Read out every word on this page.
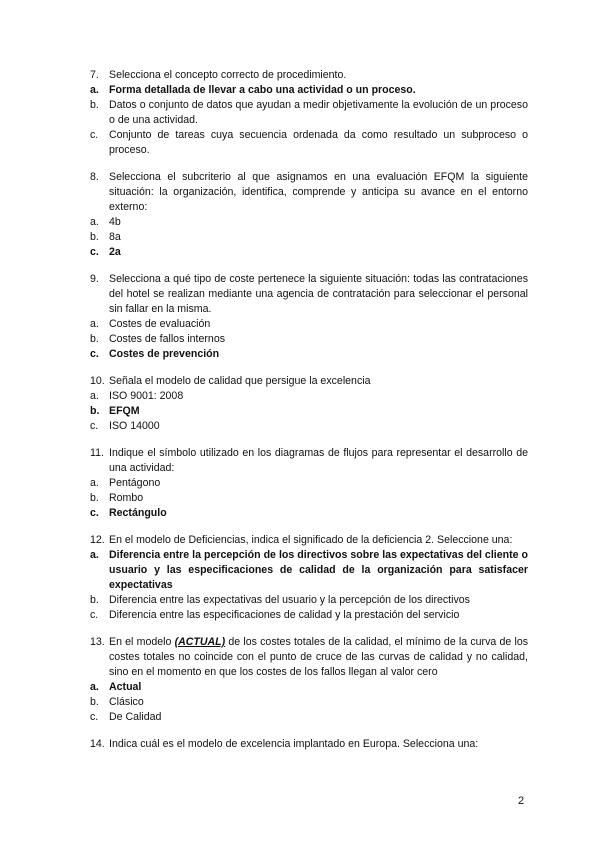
7. Selecciona el concepto correcto de procedimiento.
a. Forma detallada de llevar a cabo una actividad o un proceso.
b. Datos o conjunto de datos que ayudan a medir objetivamente la evolución de un proceso o de una actividad.
c.	Conjunto de tareas cuya secuencia ordenada da como resultado un subproceso o proceso.
8. Selecciona el subcriterio al que asignamos en una evaluación EFQM la siguiente situación: la organización, identifica, comprende y anticipa su avance en el entorno externo:
a. 4b
b. 8a
c. 2a
9. Selecciona a qué tipo de coste pertenece la siguiente situación: todas las contrataciones del hotel se realizan mediante una agencia de contratación para seleccionar el personal sin fallar en la misma.
a. Costes de evaluación
b. Costes de fallos internos
c. Costes de prevención
10. Señala el modelo de calidad que persigue la excelencia
a. ISO 9001: 2008
b. EFQM
c.	ISO 14000
11. Indique el símbolo utilizado en los diagramas de flujos para representar el desarrollo de una actividad:
a. Pentágono
b. Rombo
c. Rectángulo
12. En el modelo de Deficiencias, indica el significado de la deficiencia 2. Seleccione una:
a. Diferencia entre la percepción de los directivos sobre las expectativas del cliente o usuario y las especificaciones de calidad de la organización para satisfacer expectativas
b. Diferencia entre las expectativas del usuario y la percepción de los directivos
c.	Diferencia entre las especificaciones de calidad y la prestación del servicio
13. En el modelo (ACTUAL) de los costes totales de la calidad, el mínimo de la curva de los costes totales no coincide con el punto de cruce de las curvas de calidad y no calidad, sino en el momento en que los costes de los fallos llegan al valor cero
a. Actual
b. Clásico
c.	De Calidad
14. Indica cuál es el modelo de excelencia implantado en Europa. Selecciona una:
2
